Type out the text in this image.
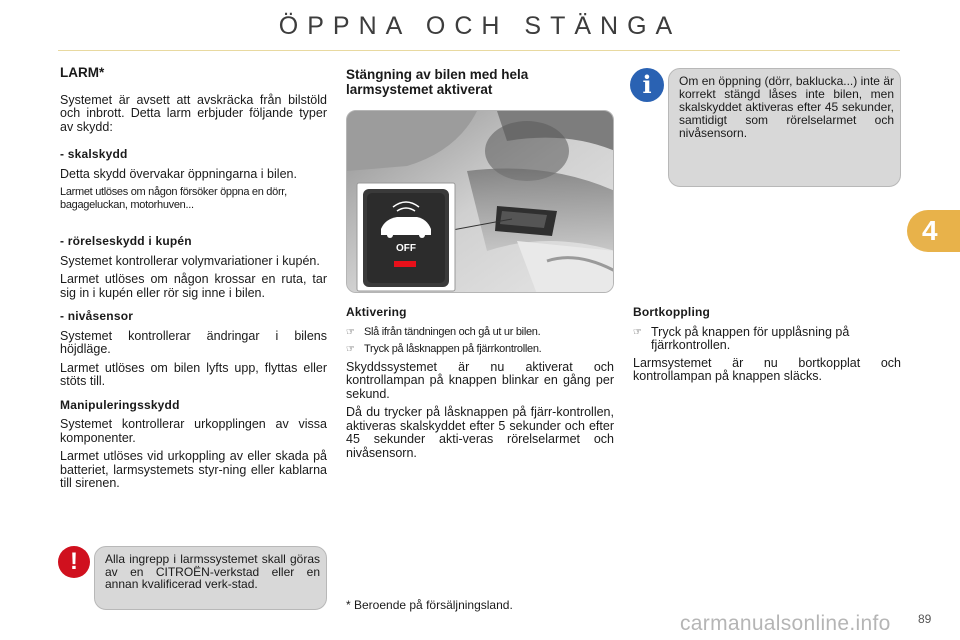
ÖPPNA OCH STÄNGA
LARM*

Systemet är avsett att avskräcka från bilstöld och inbrott. Detta larm erbjuder följande typer av skydd:

- skalskydd

Detta skydd övervakar öppningarna i bilen.

Larmet utlöses om någon försöker öppna en dörr, bagageluckan, motorhuven...

- rörelseskydd i kupén

Systemet kontrollerar volymvariationer i kupén.

Larmet utlöses om någon krossar en ruta, tar sig in i kupén eller rör sig inne i bilen.

- nivåsensor

Systemet kontrollerar ändringar i bilens höjdläge.

Larmet utlöses om bilen lyfts upp, flyttas eller stöts till.

Manipuleringsskydd

Systemet kontrollerar urkopplingen av vissa komponenter.

Larmet utlöses vid urkoppling av eller skada på batteriet, larmsystemets styr-ning eller kablarna till sirenen.

!	Alla ingrepp i larmssystemet skall göras av en CITROËN-verkstad eller en annan kvalificerad verk-stad.
Stängning av bilen med hela larmsystemet aktiverat
OFF
Aktivering
☞ Slå ifrån tändningen och gå ut ur bilen.
☞ Tryck på låsknappen på fjärrkontrollen.

Skyddssystemet är nu aktiverat och kontrollampan på knappen blinkar en gång per sekund.

Då du trycker på låsknappen på fjärr-kontrollen, aktiveras skalskyddet efter 5 sekunder och efter 45 sekunder akti-veras rörelselarmet och nivåsensorn.

i	Om en öppning (dörr, baklucka...) inte är korrekt stängd låses inte bilen, men skalskyddet aktiveras efter 45 sekunder, samtidigt som rörelselarmet och nivåsensorn.
Bortkoppling
☞ Tryck på knappen för upplåsning på fjärrkontrollen.

Larmsystemet är nu bortkopplat och kontrollampan på knappen släcks.

4
* Beroende på försäljningsland.
carmanualsonline.info 89
